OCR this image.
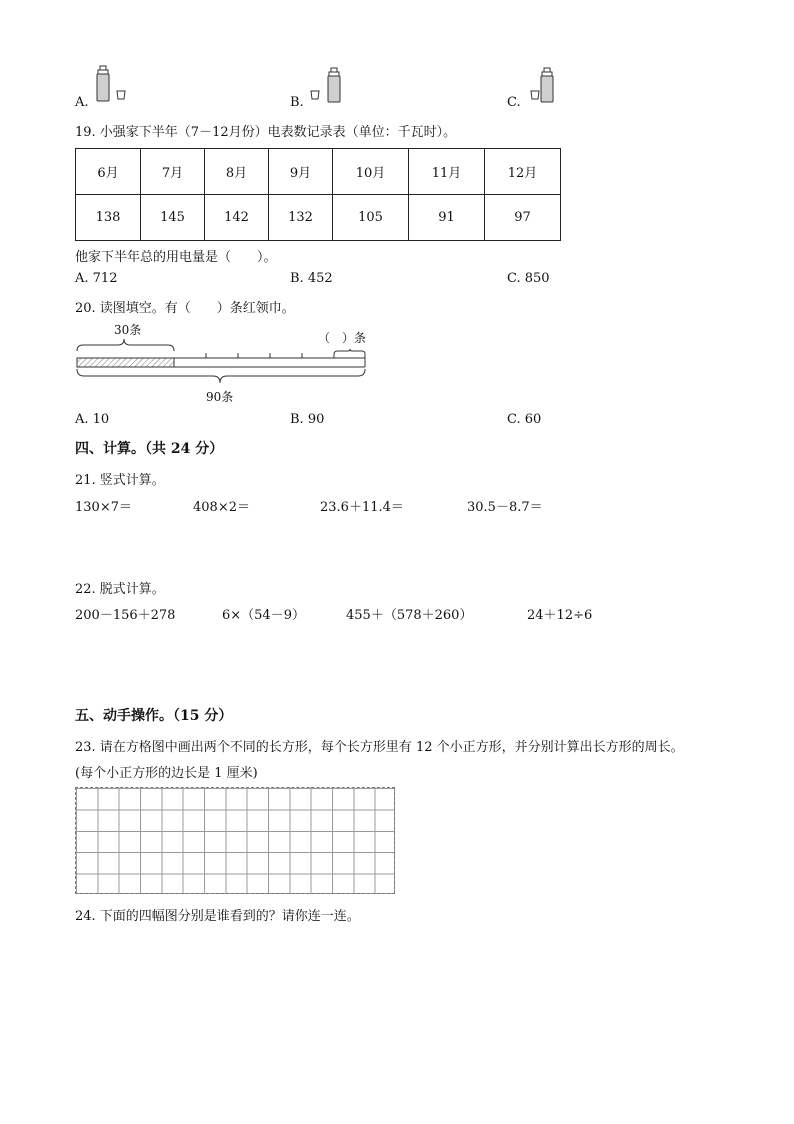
A.	B.	C.
19. 小强家下半年（7－12月份）电表数记录表（单位：千瓦时）。
6月	7月	8月	9月	10月	11月	12月
138	145	142	132	105	91	97
他家下半年总的用电量是（　　）。
A. 712	B. 452	C. 850
20. 读图填空。有（　　）条红领巾。
30条
（　）条
90条
A. 10	B. 90	C. 60
四、计算。（共 24 分）
21. 竖式计算。
130×7＝	408×2＝	23.6＋11.4＝	30.5－8.7＝
22. 脱式计算。
200－156＋278	6×（54－9）	455＋（578＋260）	24＋12÷6
五、动手操作。（15 分）
23. 请在方格图中画出两个不同的长方形，每个长方形里有 12 个小正方形，并分别计算出长方形的周长。
(每个小正方形的边长是 1 厘米)
24. 下面的四幅图分别是谁看到的？请你连一连。
